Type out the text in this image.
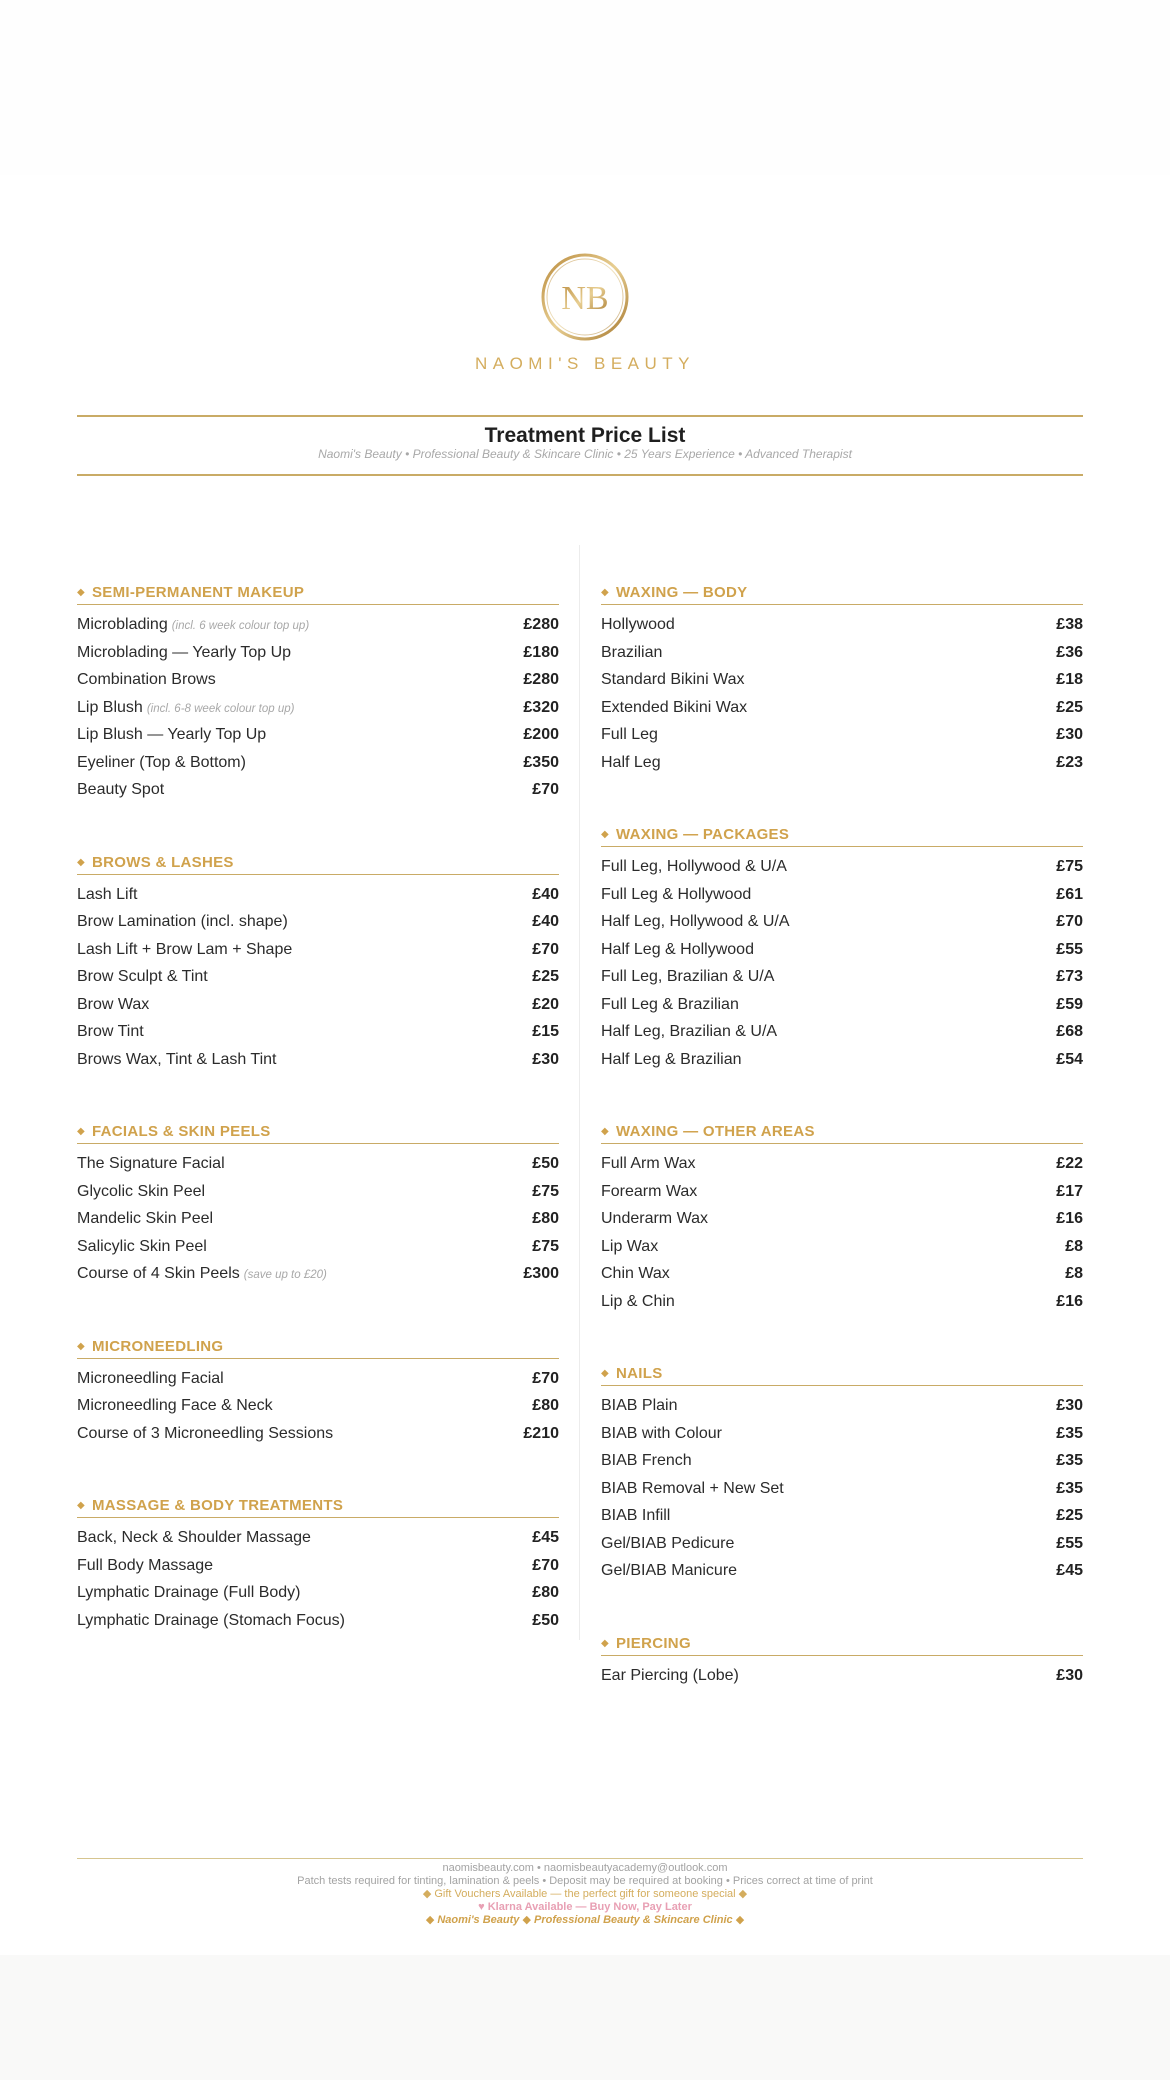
NB
NAOMI'S BEAUTY
Treatment Price List
Naomi's Beauty • Professional Beauty & Skincare Clinic • 25 Years Experience • Advanced Therapist
◆ SEMI-PERMANENT MAKEUP
Microblading (incl. 6 week colour top up)	£280
Microblading — Yearly Top Up	£180
Combination Brows	£280
Lip Blush (incl. 6-8 week colour top up)	£320
Lip Blush — Yearly Top Up	£200
Eyeliner (Top & Bottom)	£350
Beauty Spot	£70
◆ BROWS & LASHES
Lash Lift	£40
Brow Lamination (incl. shape)	£40
Lash Lift + Brow Lam + Shape	£70
Brow Sculpt & Tint	£25
Brow Wax	£20
Brow Tint	£15
Brows Wax, Tint & Lash Tint	£30
◆ FACIALS & SKIN PEELS
The Signature Facial	£50
Glycolic Skin Peel	£75
Mandelic Skin Peel	£80
Salicylic Skin Peel	£75
Course of 4 Skin Peels (save up to £20)	£300
◆ MICRONEEDLING
Microneedling Facial	£70
Microneedling Face & Neck	£80
Course of 3 Microneedling Sessions	£210
◆ MASSAGE & BODY TREATMENTS
Back, Neck & Shoulder Massage	£45
Full Body Massage	£70
Lymphatic Drainage (Full Body)	£80
Lymphatic Drainage (Stomach Focus)	£50
◆ WAXING — BODY
Hollywood	£38
Brazilian	£36
Standard Bikini Wax	£18
Extended Bikini Wax	£25
Full Leg	£30
Half Leg	£23
◆ WAXING — PACKAGES
Full Leg, Hollywood & U/A	£75
Full Leg & Hollywood	£61
Half Leg, Hollywood & U/A	£70
Half Leg & Hollywood	£55
Full Leg, Brazilian & U/A	£73
Full Leg & Brazilian	£59
Half Leg, Brazilian & U/A	£68
Half Leg & Brazilian	£54
◆ WAXING — OTHER AREAS
Full Arm Wax	£22
Forearm Wax	£17
Underarm Wax	£16
Lip Wax	£8
Chin Wax	£8
Lip & Chin	£16
◆ NAILS
BIAB Plain	£30
BIAB with Colour	£35
BIAB French	£35
BIAB Removal + New Set	£35
BIAB Infill	£25
Gel/BIAB Pedicure	£55
Gel/BIAB Manicure	£45
◆ PIERCING
Ear Piercing (Lobe)	£30
naomisbeauty.com • naomisbeautyacademy@outlook.com
Patch tests required for tinting, lamination & peels • Deposit may be required at booking • Prices correct at time of print
◆ Gift Vouchers Available — the perfect gift for someone special ◆
♥ Klarna Available — Buy Now, Pay Later
◆ Naomi's Beauty ◆ Professional Beauty & Skincare Clinic ◆
